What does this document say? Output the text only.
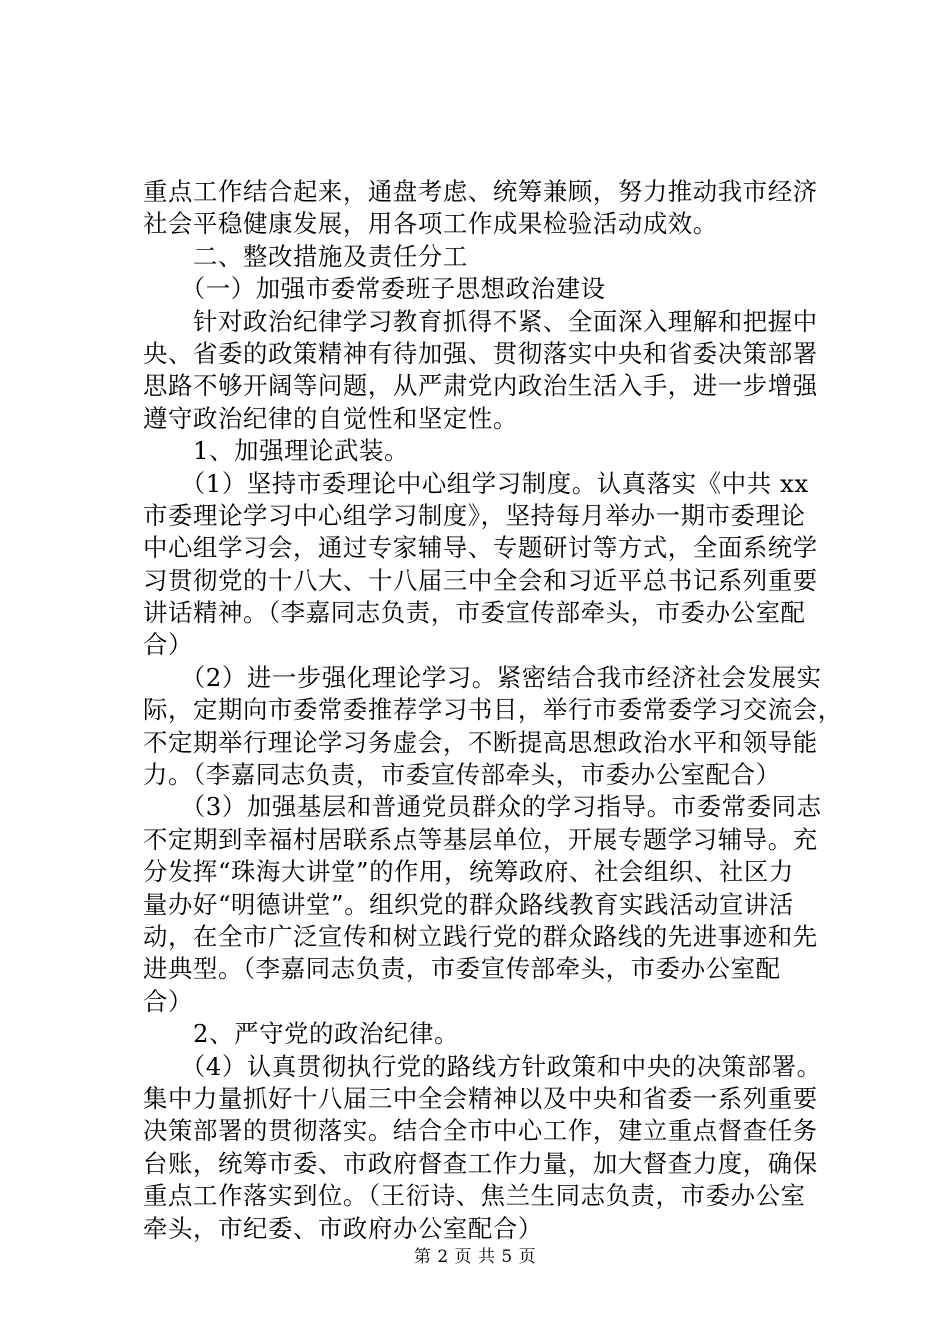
重点工作结合起来，通盘考虑、统筹兼顾，努力推动我市经济
社会平稳健康发展，用各项工作成果检验活动成效。
　　二、整改措施及责任分工
　　（一）加强市委常委班子思想政治建设
　　针对政治纪律学习教育抓得不紧、全面深入理解和把握中
央、省委的政策精神有待加强、贯彻落实中央和省委决策部署
思路不够开阔等问题，从严肃党内政治生活入手，进一步增强
遵守政治纪律的自觉性和坚定性。
　　1、加强理论武装。
　　（1）坚持市委理论中心组学习制度。认真落实《中共 xx
市委理论学习中心组学习制度》，坚持每月举办一期市委理论
中心组学习会，通过专家辅导、专题研讨等方式，全面系统学
习贯彻党的十八大、十八届三中全会和习近平总书记系列重要
讲话精神。（李嘉同志负责，市委宣传部牵头，市委办公室配
合）
　　（2）进一步强化理论学习。紧密结合我市经济社会发展实
际，定期向市委常委推荐学习书目，举行市委常委学习交流会，
不定期举行理论学习务虚会，不断提高思想政治水平和领导能
力。（李嘉同志负责，市委宣传部牵头，市委办公室配合）
　　（3）加强基层和普通党员群众的学习指导。市委常委同志
不定期到幸福村居联系点等基层单位，开展专题学习辅导。充
分发挥“珠海大讲堂”的作用，统筹政府、社会组织、社区力
量办好“明德讲堂”。组织党的群众路线教育实践活动宣讲活
动，在全市广泛宣传和树立践行党的群众路线的先进事迹和先
进典型。（李嘉同志负责，市委宣传部牵头，市委办公室配
合）
　　2、严守党的政治纪律。
　　（4）认真贯彻执行党的路线方针政策和中央的决策部署。
集中力量抓好十八届三中全会精神以及中央和省委一系列重要
决策部署的贯彻落实。结合全市中心工作，建立重点督查任务
台账，统筹市委、市政府督查工作力量，加大督查力度，确保
重点工作落实到位。（王衍诗、焦兰生同志负责，市委办公室
牵头，市纪委、市政府办公室配合）
第 2 页 共 5 页
